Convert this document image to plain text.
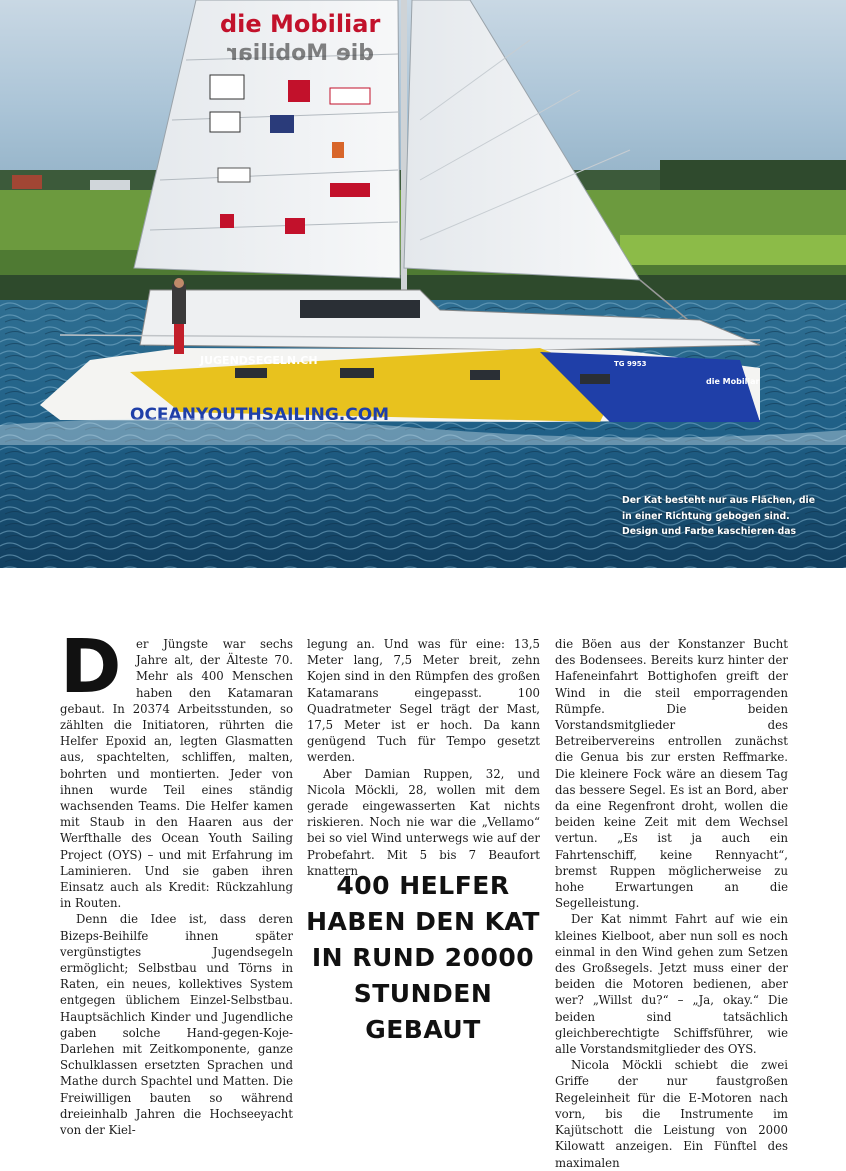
die Mobiliar
die Mobiliar
JUGENDSEGELN.CH
OCEANYOUTHSAILING.COM
TG 9953
die Mobiliar
Der Kat besteht nur aus Flächen, die in einer Richtung gebogen sind. Design und Farbe kaschieren das
D	er Jüngste war sechs Jahre alt, der Älteste 70. Mehr als 400 Menschen haben den Katamaran gebaut. In 20374 Arbeitsstunden, so zählten die Initiatoren, rührten die Helfer Epoxid an, legten Glasmatten aus, spachtelten, schliffen, malten, bohrten und montierten. Jeder von ihnen wurde Teil eines ständig wachsenden Teams. Die Helfer kamen mit Staub in den Haaren aus der Werfthalle des Ocean Youth Sailing Project (OYS) – und mit Erfahrung im Laminieren. Und sie gaben ihren Einsatz auch als Kredit: Rückzahlung in Routen.

Denn die Idee ist, dass deren Bizeps-Beihilfe ihnen später vergünstigtes Jugendsegeln ermöglicht; Selbstbau und Törns in Raten, ein neues, kollektives System entgegen üblichem Einzel-Selbstbau. Hauptsächlich Kinder und Jugendliche gaben solche Hand-gegen-Koje-Darlehen mit Zeitkomponente, ganze Schulklassen ersetzten Sprachen und Mathe durch Spachtel und Matten. Die Freiwilligen bauten so während dreieinhalb Jahren die Hochseeyacht von der Kiel-

legung an. Und was für eine: 13,5 Meter lang, 7,5 Meter breit, zehn Kojen sind in den Rümpfen des großen Katamarans eingepasst. 100 Quadratmeter Segel trägt der Mast, 17,5 Meter ist er hoch. Da kann genügend Tuch für Tempo gesetzt werden.

Aber Damian Ruppen, 32, und Nicola Möckli, 28, wollen mit dem gerade eingewasserten Kat nichts riskieren. Noch nie war die „Vellamo“ bei so viel Wind unterwegs wie auf der Probefahrt. Mit 5 bis 7 Beaufort knattern

400 HELFER HABEN DEN KAT IN RUND 20000 STUNDEN GEBAUT

die Böen aus der Konstanzer Bucht des Bodensees. Bereits kurz hinter der Hafeneinfahrt Bottighofen greift der Wind in die steil emporragenden Rümpfe. Die beiden Vorstandsmitglieder des Betreibervereins entrollen zunächst die Genua bis zur ersten Reffmarke. Die kleinere Fock wäre an diesem Tag das bessere Segel. Es ist an Bord, aber da eine Regenfront droht, wollen die beiden keine Zeit mit dem Wechsel vertun. „Es ist ja auch ein Fahrtenschiff, keine Rennyacht“, bremst Ruppen möglicherweise zu hohe Erwartungen an die Segelleistung.

Der Kat nimmt Fahrt auf wie ein kleines Kielboot, aber nun soll es noch einmal in den Wind gehen zum Setzen des Großsegels. Jetzt muss einer der beiden die Motoren bedienen, aber wer? „Willst du?“ – „Ja, okay.“ Die beiden sind tatsächlich gleichberechtigte Schiffsführer, wie alle Vorstandsmitglieder des OYS.

Nicola Möckli schiebt die zwei Griffe der nur faustgroßen Regeleinheit für die E-Motoren nach vorn, bis die Instrumente im Kajütschott die Leistung von 2000 Kilowatt anzeigen. Ein Fünftel des maximalen
